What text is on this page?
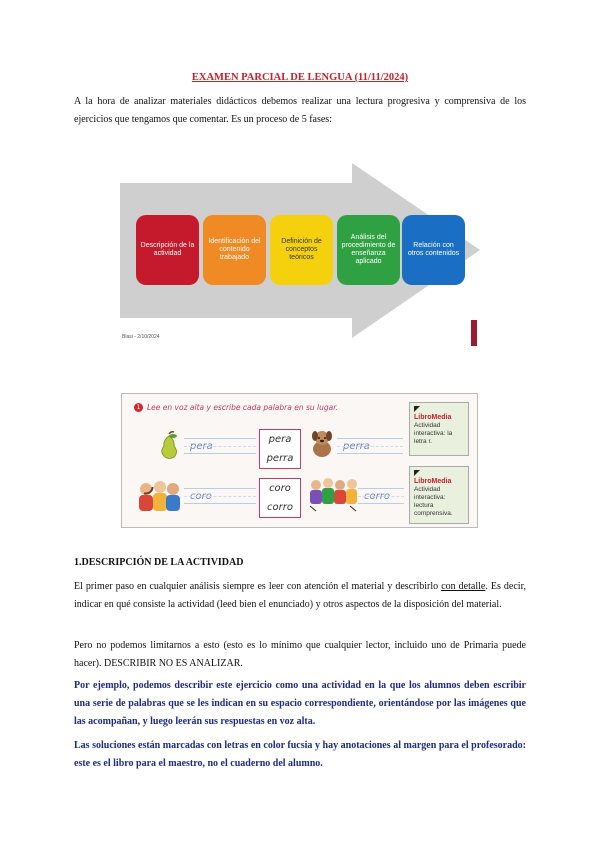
EXAMEN PARCIAL DE LENGUA (11/11/2024)
A la hora de analizar materiales didácticos debemos realizar una lectura progresiva y comprensiva de los ejercicios que tengamos que comentar. Es un proceso de 5 fases:
Descripción de la actividad
Identificación del contenido trabajado
Definición de conceptos teóricos
Análisis del procedimiento de enseñanza aplicado
Relación con otros contenidos
Blasi - 2/10/2024
1 Lee en voz alta y escribe cada palabra en su lugar.
pera
pera
perra
perra
coro
coro
corro
corro
LibroMedia
Actividad interactiva: la letra r.
LibroMedia
Actividad interactiva: lectura comprensiva.
1.DESCRIPCIÓN DE LA ACTIVIDAD
El primer paso en cualquier análisis siempre es leer con atención el material y describirlo con detalle. Es decir, indicar en qué consiste la actividad (leed bien el enunciado) y otros aspectos de la disposición del material.
Pero no podemos limitarnos a esto (esto es lo mínimo que cualquier lector, incluido uno de Primaria puede hacer). DESCRIBIR NO ES ANALIZAR.
Por ejemplo, podemos describir este ejercicio como una actividad en la que los alumnos deben escribir una serie de palabras que se les indican en su espacio correspondiente, orientándose por las imágenes que las acompañan, y luego leerán sus respuestas en voz alta.
Las soluciones están marcadas con letras en color fucsia y hay anotaciones al margen para el profesorado: este es el libro para el maestro, no el cuaderno del alumno.
